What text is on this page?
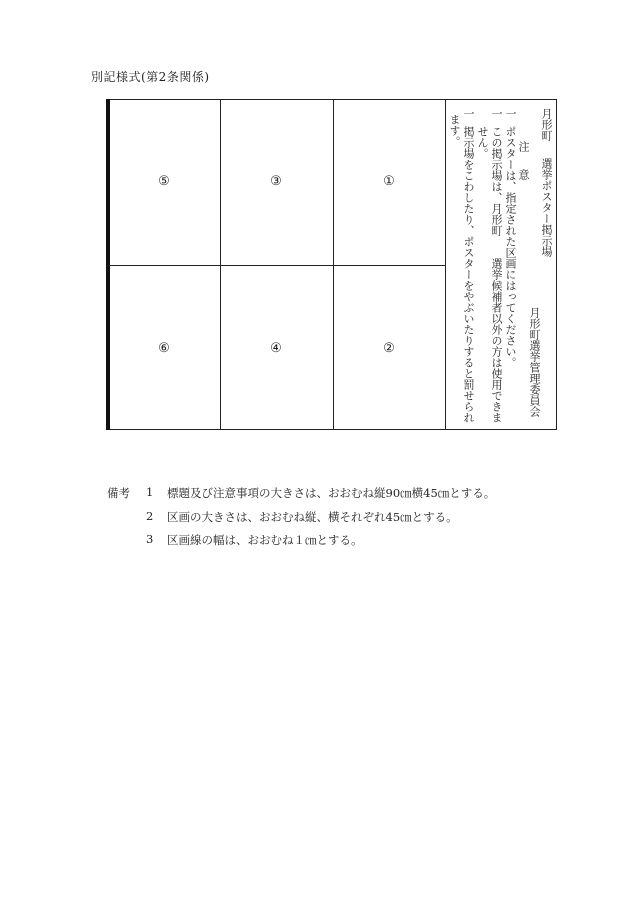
別記様式(第2条関係)
⑤	③	①
⑥	④	②
月形町
選挙ポスター掲示場
注
意
月形町選挙管理委員会
一
ポスターは、指定された区画にはってください。
一
この掲示場は、月形町
選挙候補者以外の方は使用できま
せん。
一
掲示場をこわしたり、ポスターをやぶいたりすると罰せられ
ます。
備考 1 標題及び注意事項の大きさは、おおむね縦90㎝横45㎝とする。
2 区画の大きさは、おおむね縦、横それぞれ45㎝とする。
3 区画線の幅は、おおむね１㎝とする。
